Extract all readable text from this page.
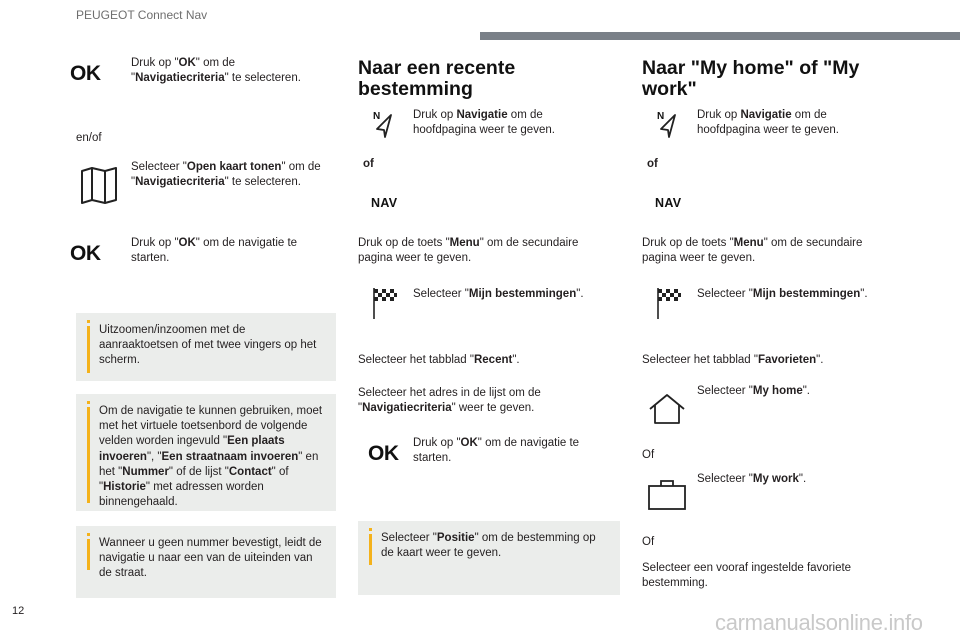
PEUGEOT Connect Nav
OK	Druk op "OK" om de "Navigatiecriteria" te selecteren.
en/of
Selecteer "Open kaart tonen" om de "Navigatiecriteria" te selecteren.
OK	Druk op "OK" om de navigatie te starten.
Uitzoomen/inzoomen met de aanraaktoetsen of met twee vingers op het scherm.
Om de navigatie te kunnen gebruiken, moet met het virtuele toetsenbord de volgende velden worden ingevuld "Een plaats invoeren", "Een straatnaam invoeren" en het "Nummer" of de lijst "Contact" of "Historie" met adressen worden binnengehaald.
Wanneer u geen nummer bevestigt, leidt de navigatie u naar een van de uiteinden van de straat.
Naar een recente bestemming
N	Druk op Navigatie om de hoofdpagina weer te geven.
of
NAV
Druk op de toets "Menu" om de secundaire pagina weer te geven.
Selecteer "Mijn bestemmingen".
Selecteer het tabblad "Recent".
Selecteer het adres in de lijst om de "Navigatiecriteria" weer te geven.
OK Druk op "OK" om de navigatie te starten.
Selecteer "Positie" om de bestemming op de kaart weer te geven.
Naar "My home" of "My work"
N	Druk op Navigatie om de hoofdpagina weer te geven.
of
NAV
Druk op de toets "Menu" om de secundaire pagina weer te geven.
Selecteer "Mijn bestemmingen".
Selecteer het tabblad "Favorieten".
Selecteer "My home".
Of
Selecteer "My work".
Of
Selecteer een vooraf ingestelde favoriete bestemming.
12	carmanualsonline.info
